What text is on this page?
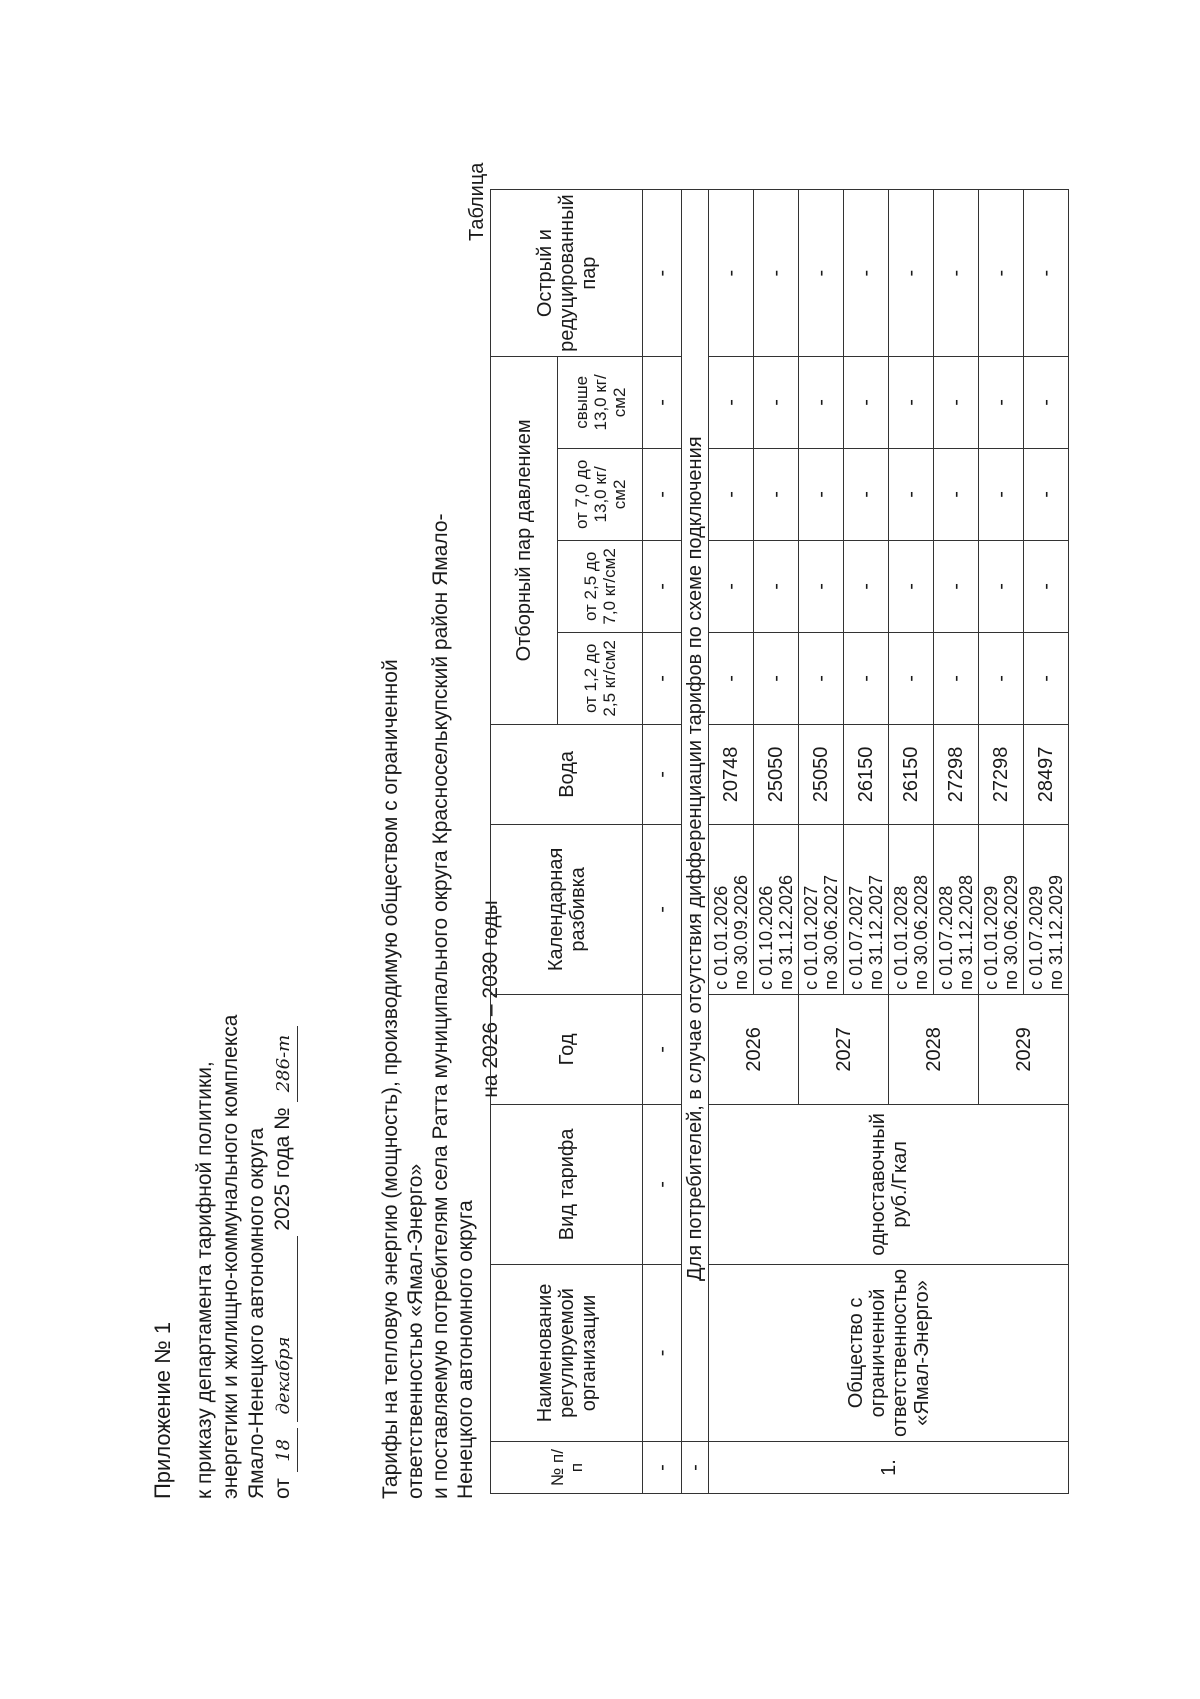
Приложение № 1 к приказу департамента тарифной политики, энергетики и жилищно-коммунального комплекса Ямало-Ненецкого автономного округа от 18 декабря 2025 года № 286-т	Тарифы на тепловую энергию (мощность), производимую обществом с ограниченной ответственностью «Ямал-Энерго» и поставляемую потребителям села Ратта муниципального округа Красноселькупский район Ямало-Ненецкого автономного округа
на 2026 – 2030 годы
Таблица
№ п/п	Наименование регулируемой организации	Вид тарифа	Год	Календарная разбивка	Вода	Отборный пар давлением				Острый и редуцированный пар
						от 1,2 до 2,5 кг/см2	от 2,5 до 7,0 кг/см2	от 7,0 до 13,0 кг/см2	свыше 13,0 кг/см2	
-	-	-	-	-	-	-	-	-	-	-
-	Для потребителей, в случае отсутствия дифференциации тарифов по схеме подключения									
1.	Общество с ограниченной ответственностью «Ямал-Энерго»	одноставочный руб./Гкал	2026	с 01.01.2026 по 30.09.2026	20748	-	-	-	-	-

				с 01.10.2026 по 31.12.2026	25050	-	-	-	-	-
			2027	с 01.01.2027 по 30.06.2027	25050	-	-	-	-	-

				с 01.07.2027 по 31.12.2027	26150	-	-	-	-	-
			2028	с 01.01.2028 по 30.06.2028	26150	-	-	-	-	-

				с 01.07.2028 по 31.12.2028	27298	-	-	-	-	-
			2029	с 01.01.2029 по 30.06.2029	27298	-	-	-	-	-

				с 01.07.2029 по 31.12.2029	28497	-	-	-	-	-
